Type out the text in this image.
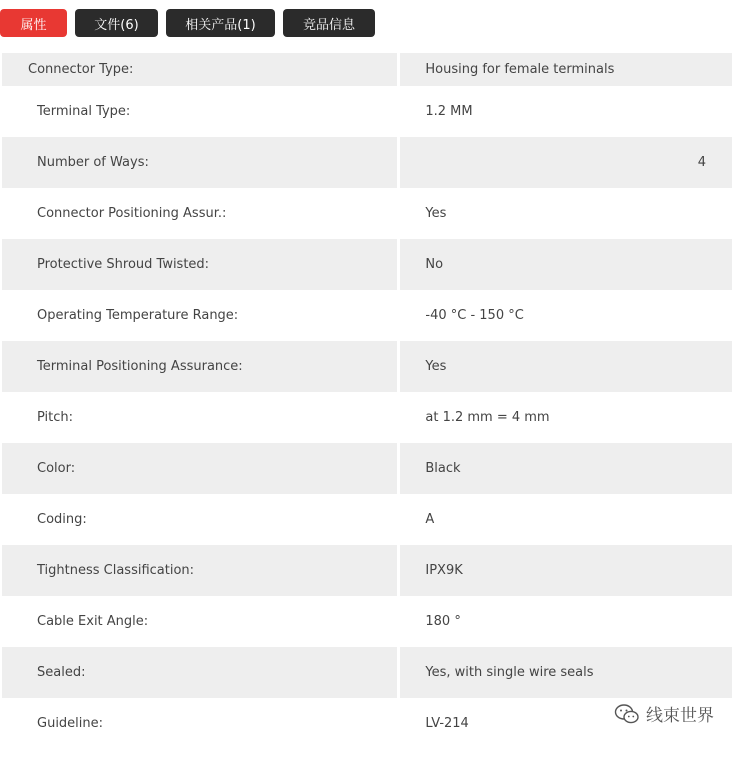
属性	文件(6)	相关产品(1)	竞品信息
Connector Type:	Housing for female terminals
Terminal Type:	1.2 MM
Number of Ways:	4
Connector Positioning Assur.:	Yes
Protective Shroud Twisted:	No
Operating Temperature Range:	-40 °C - 150 °C
Terminal Positioning Assurance:	Yes
Pitch:	at 1.2 mm = 4 mm
Color:	Black
Coding:	A
Tightness Classification:	IPX9K
Cable Exit Angle:	180 °
Sealed:	Yes, with single wire seals
Guideline:	LV-214	线束世界
